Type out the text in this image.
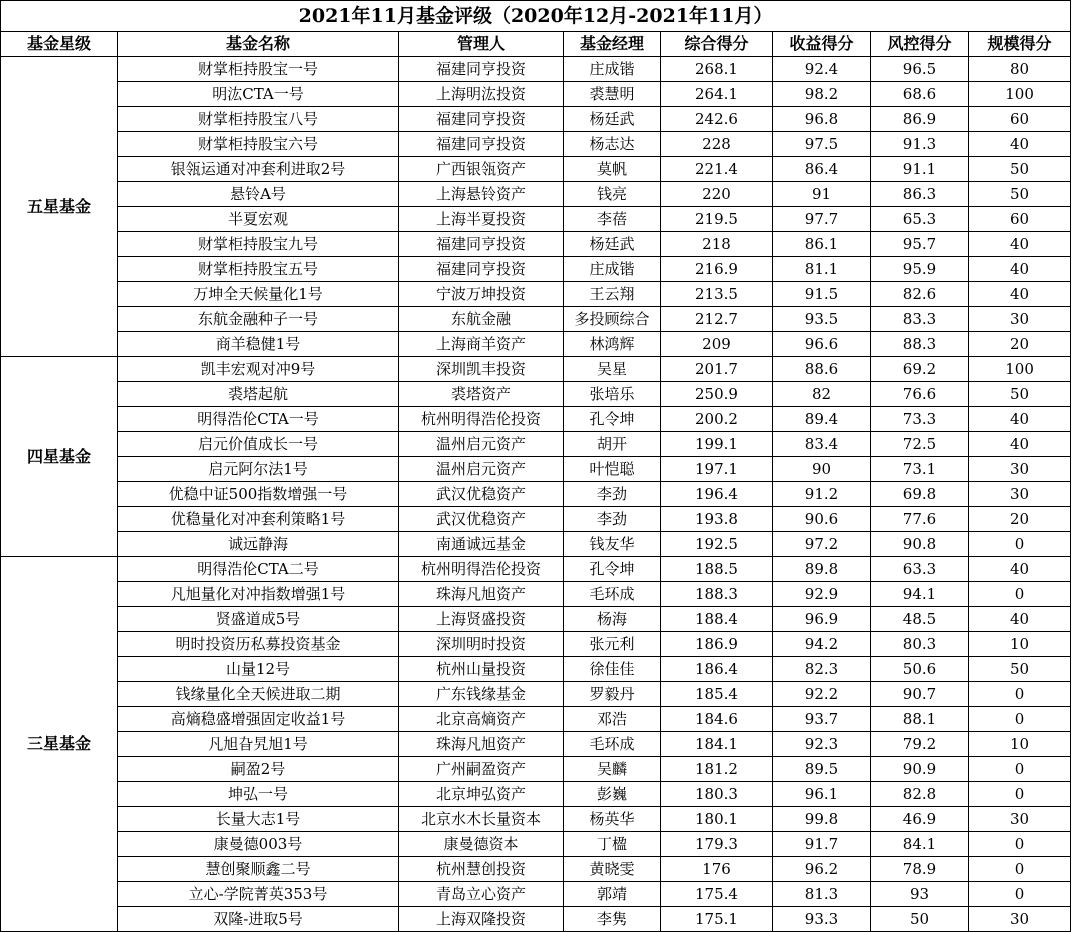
2021年11月基金评级（2020年12月-2021年11月）							
基金星级	基金名称	管理人	基金经理	综合得分	收益得分	风控得分	规模得分
五星基金	财掌柜持股宝一号	福建同亨投资	庄成锴	268.1	92.4	96.5	80
	明汯CTA一号	上海明汯投资	裘慧明	264.1	98.2	68.6	100
	财掌柜持股宝八号	福建同亨投资	杨廷武	242.6	96.8	86.9	60
	财掌柜持股宝六号	福建同亨投资	杨志达	228	97.5	91.3	40
	银瓴运通对冲套利进取2号	广西银瓴资产	莫帆	221.4	86.4	91.1	50
	悬铃A号	上海悬铃资产	钱亮	220	91	86.3	50
	半夏宏观	上海半夏投资	李蓓	219.5	97.7	65.3	60
	财掌柜持股宝九号	福建同亨投资	杨廷武	218	86.1	95.7	40
	财掌柜持股宝五号	福建同亨投资	庄成锴	216.9	81.1	95.9	40
	万坤全天候量化1号	宁波万坤投资	王云翔	213.5	91.5	82.6	40
	东航金融种子一号	东航金融	多投顾综合	212.7	93.5	83.3	30
	商羊稳健1号	上海商羊资产	林鸿辉	209	96.6	88.3	20
四星基金	凯丰宏观对冲9号	深圳凯丰投资	吴星	201.7	88.6	69.2	100
	裘塔起航	裘塔资产	张培乐	250.9	82	76.6	50
	明得浩伦CTA一号	杭州明得浩伦投资	孔令坤	200.2	89.4	73.3	40
	启元价值成长一号	温州启元资产	胡开	199.1	83.4	72.5	40
	启元阿尔法1号	温州启元资产	叶恺聪	197.1	90	73.1	30
	优稳中证500指数增强一号	武汉优稳资产	李劲	196.4	91.2	69.8	30
	优稳量化对冲套利策略1号	武汉优稳资产	李劲	193.8	90.6	77.6	20
	诚远静海	南通诚远基金	钱友华	192.5	97.2	90.8	0
三星基金	明得浩伦CTA二号	杭州明得浩伦投资	孔令坤	188.5	89.8	63.3	40
	凡旭量化对冲指数增强1号	珠海凡旭资产	毛环成	188.3	92.9	94.1	0
	贤盛道成5号	上海贤盛投资	杨海	188.4	96.9	48.5	40
	明时投资历私募投资基金	深圳明时投资	张元利	186.9	94.2	80.3	10
	山量12号	杭州山量投资	徐佳佳	186.4	82.3	50.6	50
	钱缘量化全天候进取二期	广东钱缘基金	罗毅丹	185.4	92.2	90.7	0
	高熵稳盛增强固定收益1号	北京高熵资产	邓浩	184.6	93.7	88.1	0
	凡旭旮旯旭1号	珠海凡旭资产	毛环成	184.1	92.3	79.2	10
	嗣盈2号	广州嗣盈资产	吴麟	181.2	89.5	90.9	0
	坤弘一号	北京坤弘资产	彭巍	180.3	96.1	82.8	0
	长量大志1号	北京水木长量资本	杨英华	180.1	99.8	46.9	30
	康曼德003号	康曼德资本	丁楹	179.3	91.7	84.1	0
	慧创聚顺鑫二号	杭州慧创投资	黄晓雯	176	96.2	78.9	0
	立心-学院菁英353号	青岛立心资产	郭靖	175.4	81.3	93	0
	双隆-进取5号	上海双隆投资	李隽	175.1	93.3	50	30
